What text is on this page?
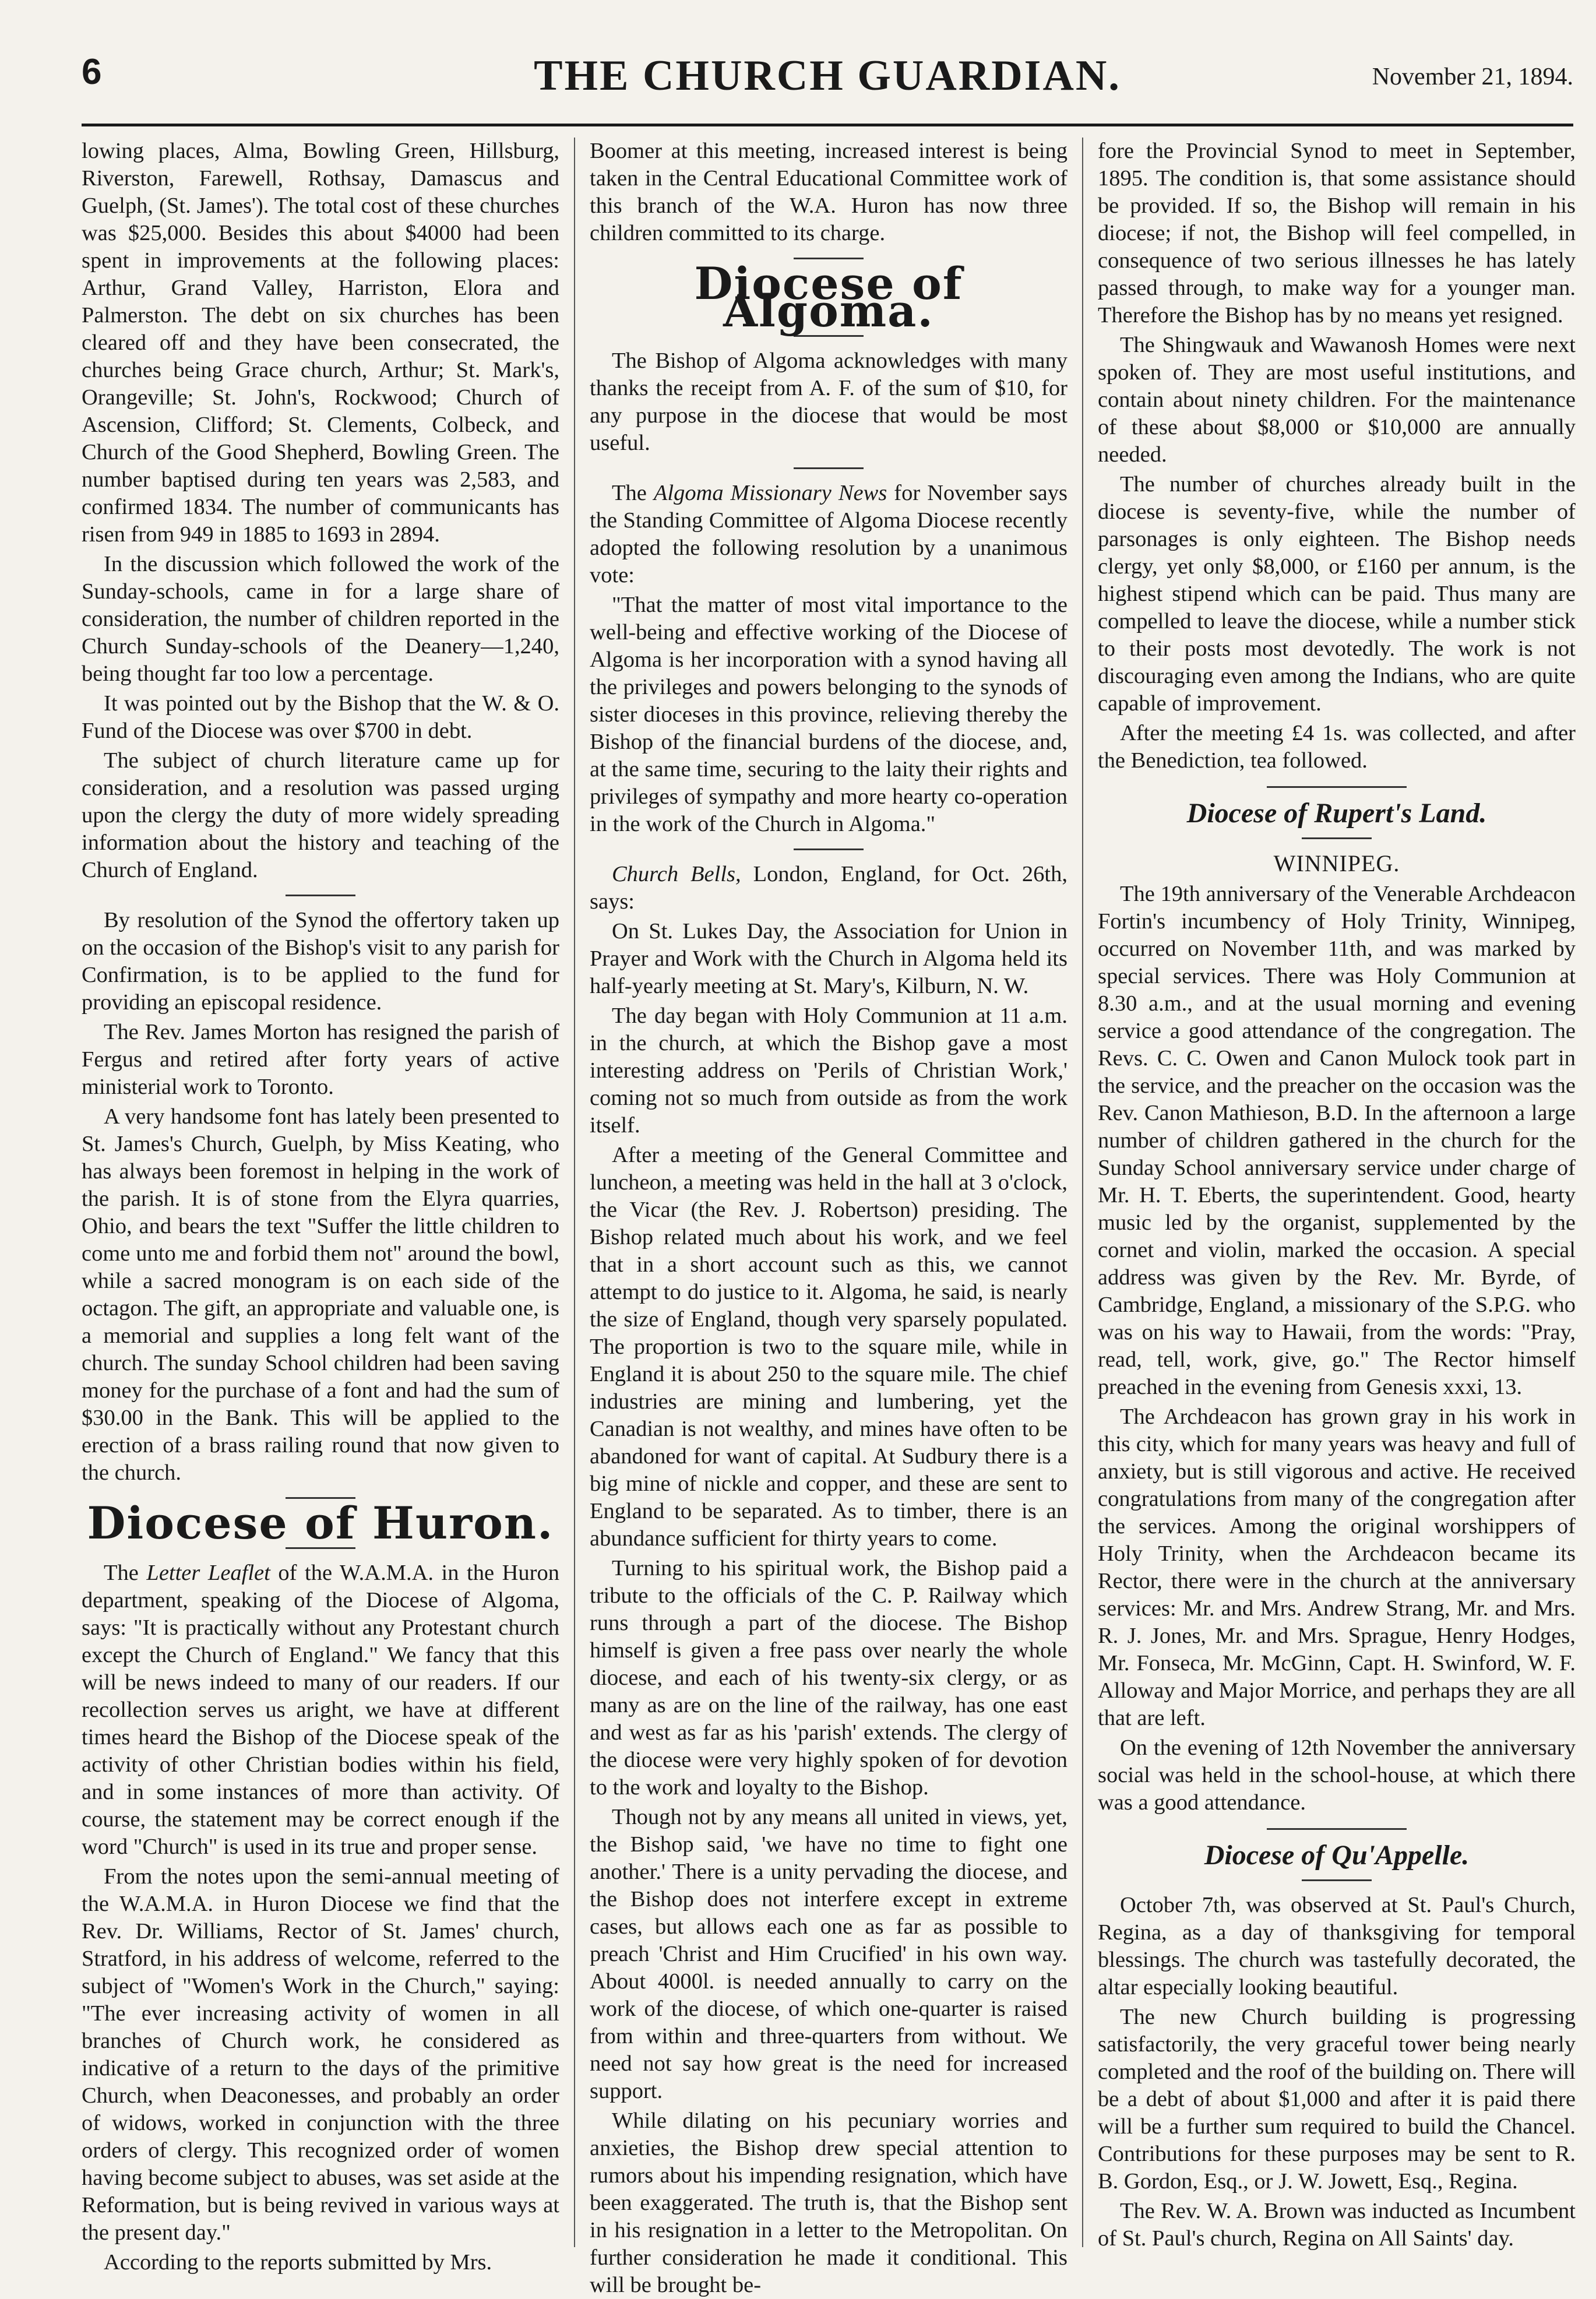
6	THE CHURCH GUARDIAN.	November 21, 1894.

lowing places, Alma, Bowling Green, Hillsburg, Riverston, Farewell, Rothsay, Damascus and Guelph, (St. James'). The total cost of these churches was $25,000. Besides this about $4000 had been spent in improvements at the following places: Arthur, Grand Valley, Harriston, Elora and Palmerston. The debt on six churches has been cleared off and they have been consecrated, the churches being Grace church, Arthur; St. Mark's, Orangeville; St. John's, Rockwood; Church of Ascension, Clifford; St. Clements, Colbeck, and Church of the Good Shepherd, Bowling Green. The number baptised during ten years was 2,583, and confirmed 1834. The number of communicants has risen from 949 in 1885 to 1693 in 2894.

In the discussion which followed the work of the Sunday-schools, came in for a large share of consideration, the number of children reported in the Church Sunday-schools of the Deanery—1,240, being thought far too low a percentage.

It was pointed out by the Bishop that the W. & O. Fund of the Diocese was over $700 in debt.

The subject of church literature came up for consideration, and a resolution was passed urging upon the clergy the duty of more widely spreading information about the history and teaching of the Church of England.

By resolution of the Synod the offertory taken up on the occasion of the Bishop's visit to any parish for Confirmation, is to be applied to the fund for providing an episcopal residence.

The Rev. James Morton has resigned the parish of Fergus and retired after forty years of active ministerial work to Toronto.

A very handsome font has lately been presented to St. James's Church, Guelph, by Miss Keating, who has always been foremost in helping in the work of the parish. It is of stone from the Elyra quarries, Ohio, and bears the text "Suffer the little children to come unto me and forbid them not" around the bowl, while a sacred monogram is on each side of the octagon. The gift, an appropriate and valuable one, is a memorial and supplies a long felt want of the church. The sunday School children had been saving money for the purchase of a font and had the sum of $30.00 in the Bank. This will be applied to the erection of a brass railing round that now given to the church.

Diocese of Huron.

The Letter Leaflet of the W.A.M.A. in the Huron department, speaking of the Diocese of Algoma, says: "It is practically without any Protestant church except the Church of England." We fancy that this will be news indeed to many of our readers. If our recollection serves us aright, we have at different times heard the Bishop of the Diocese speak of the activity of other Christian bodies within his field, and in some instances of more than activity. Of course, the statement may be correct enough if the word "Church" is used in its true and proper sense.

From the notes upon the semi-annual meeting of the W.A.M.A. in Huron Diocese we find that the Rev. Dr. Williams, Rector of St. James' church, Stratford, in his address of welcome, referred to the subject of "Women's Work in the Church," saying: "The ever increasing activity of women in all branches of Church work, he considered as indicative of a return to the days of the primitive Church, when Deaconesses, and probably an order of widows, worked in conjunction with the three orders of clergy. This recognized order of women having become subject to abuses, was set aside at the Reformation, but is being revived in various ways at the present day."

According to the reports submitted by Mrs.

Boomer at this meeting, increased interest is being taken in the Central Educational Committee work of this branch of the W.A. Huron has now three children committed to its charge.

Diocese of Algoma.

The Bishop of Algoma acknowledges with many thanks the receipt from A. F. of the sum of $10, for any purpose in the diocese that would be most useful.

The Algoma Missionary News for November says the Standing Committee of Algoma Diocese recently adopted the following resolution by a unanimous vote:

"That the matter of most vital importance to the well-being and effective working of the Diocese of Algoma is her incorporation with a synod having all the privileges and powers belonging to the synods of sister dioceses in this province, relieving thereby the Bishop of the financial burdens of the diocese, and, at the same time, securing to the laity their rights and privileges of sympathy and more hearty co-operation in the work of the Church in Algoma."

Church Bells, London, England, for Oct. 26th, says:

On St. Lukes Day, the Association for Union in Prayer and Work with the Church in Algoma held its half-yearly meeting at St. Mary's, Kilburn, N. W.

The day began with Holy Communion at 11 a.m. in the church, at which the Bishop gave a most interesting address on 'Perils of Christian Work,' coming not so much from outside as from the work itself.

After a meeting of the General Committee and luncheon, a meeting was held in the hall at 3 o'clock, the Vicar (the Rev. J. Robertson) presiding. The Bishop related much about his work, and we feel that in a short account such as this, we cannot attempt to do justice to it. Algoma, he said, is nearly the size of England, though very sparsely populated. The proportion is two to the square mile, while in England it is about 250 to the square mile. The chief industries are mining and lumbering, yet the Canadian is not wealthy, and mines have often to be abandoned for want of capital. At Sudbury there is a big mine of nickle and copper, and these are sent to England to be separated. As to timber, there is an abundance sufficient for thirty years to come.

Turning to his spiritual work, the Bishop paid a tribute to the officials of the C. P. Railway which runs through a part of the diocese. The Bishop himself is given a free pass over nearly the whole diocese, and each of his twenty-six clergy, or as many as are on the line of the railway, has one east and west as far as his 'parish' extends. The clergy of the diocese were very highly spoken of for devotion to the work and loyalty to the Bishop.

Though not by any means all united in views, yet, the Bishop said, 'we have no time to fight one another.' There is a unity pervading the diocese, and the Bishop does not interfere except in extreme cases, but allows each one as far as possible to preach 'Christ and Him Crucified' in his own way. About 4000l. is needed annually to carry on the work of the diocese, of which one-quarter is raised from within and three-quarters from without. We need not say how great is the need for increased support.

While dilating on his pecuniary worries and anxieties, the Bishop drew special attention to rumors about his impending resignation, which have been exaggerated. The truth is, that the Bishop sent in his resignation in a letter to the Metropolitan. On further consideration he made it conditional. This will be brought be-

fore the Provincial Synod to meet in September, 1895. The condition is, that some assistance should be provided. If so, the Bishop will remain in his diocese; if not, the Bishop will feel compelled, in consequence of two serious illnesses he has lately passed through, to make way for a younger man. Therefore the Bishop has by no means yet resigned.

The Shingwauk and Wawanosh Homes were next spoken of. They are most useful institutions, and contain about ninety children. For the maintenance of these about $8,000 or $10,000 are annually needed.

The number of churches already built in the diocese is seventy-five, while the number of parsonages is only eighteen. The Bishop needs clergy, yet only $8,000, or £160 per annum, is the highest stipend which can be paid. Thus many are compelled to leave the diocese, while a number stick to their posts most devotedly. The work is not discouraging even among the Indians, who are quite capable of improvement.

After the meeting £4 1s. was collected, and after the Benediction, tea followed.

Diocese of Rupert's Land.
WINNIPEG.

The 19th anniversary of the Venerable Archdeacon Fortin's incumbency of Holy Trinity, Winnipeg, occurred on November 11th, and was marked by special services. There was Holy Communion at 8.30 a.m., and at the usual morning and evening service a good attendance of the congregation. The Revs. C. C. Owen and Canon Mulock took part in the service, and the preacher on the occasion was the Rev. Canon Mathieson, B.D. In the afternoon a large number of children gathered in the church for the Sunday School anniversary service under charge of Mr. H. T. Eberts, the superintendent. Good, hearty music led by the organist, supplemented by the cornet and violin, marked the occasion. A special address was given by the Rev. Mr. Byrde, of Cambridge, England, a missionary of the S.P.G. who was on his way to Hawaii, from the words: "Pray, read, tell, work, give, go." The Rector himself preached in the evening from Genesis xxxi, 13.

The Archdeacon has grown gray in his work in this city, which for many years was heavy and full of anxiety, but is still vigorous and active. He received congratulations from many of the congregation after the services. Among the original worshippers of Holy Trinity, when the Archdeacon became its Rector, there were in the church at the anniversary services: Mr. and Mrs. Andrew Strang, Mr. and Mrs. R. J. Jones, Mr. and Mrs. Sprague, Henry Hodges, Mr. Fonseca, Mr. McGinn, Capt. H. Swinford, W. F. Alloway and Major Morrice, and perhaps they are all that are left.

On the evening of 12th November the anniversary social was held in the school-house, at which there was a good attendance.

Diocese of Qu'Appelle.

October 7th, was observed at St. Paul's Church, Regina, as a day of thanksgiving for temporal blessings. The church was tastefully decorated, the altar especially looking beautiful.

The new Church building is progressing satisfactorily, the very graceful tower being nearly completed and the roof of the building on. There will be a debt of about $1,000 and after it is paid there will be a further sum required to build the Chancel. Contributions for these purposes may be sent to R. B. Gordon, Esq., or J. W. Jowett, Esq., Regina.

The Rev. W. A. Brown was inducted as Incumbent of St. Paul's church, Regina on All Saints' day.
